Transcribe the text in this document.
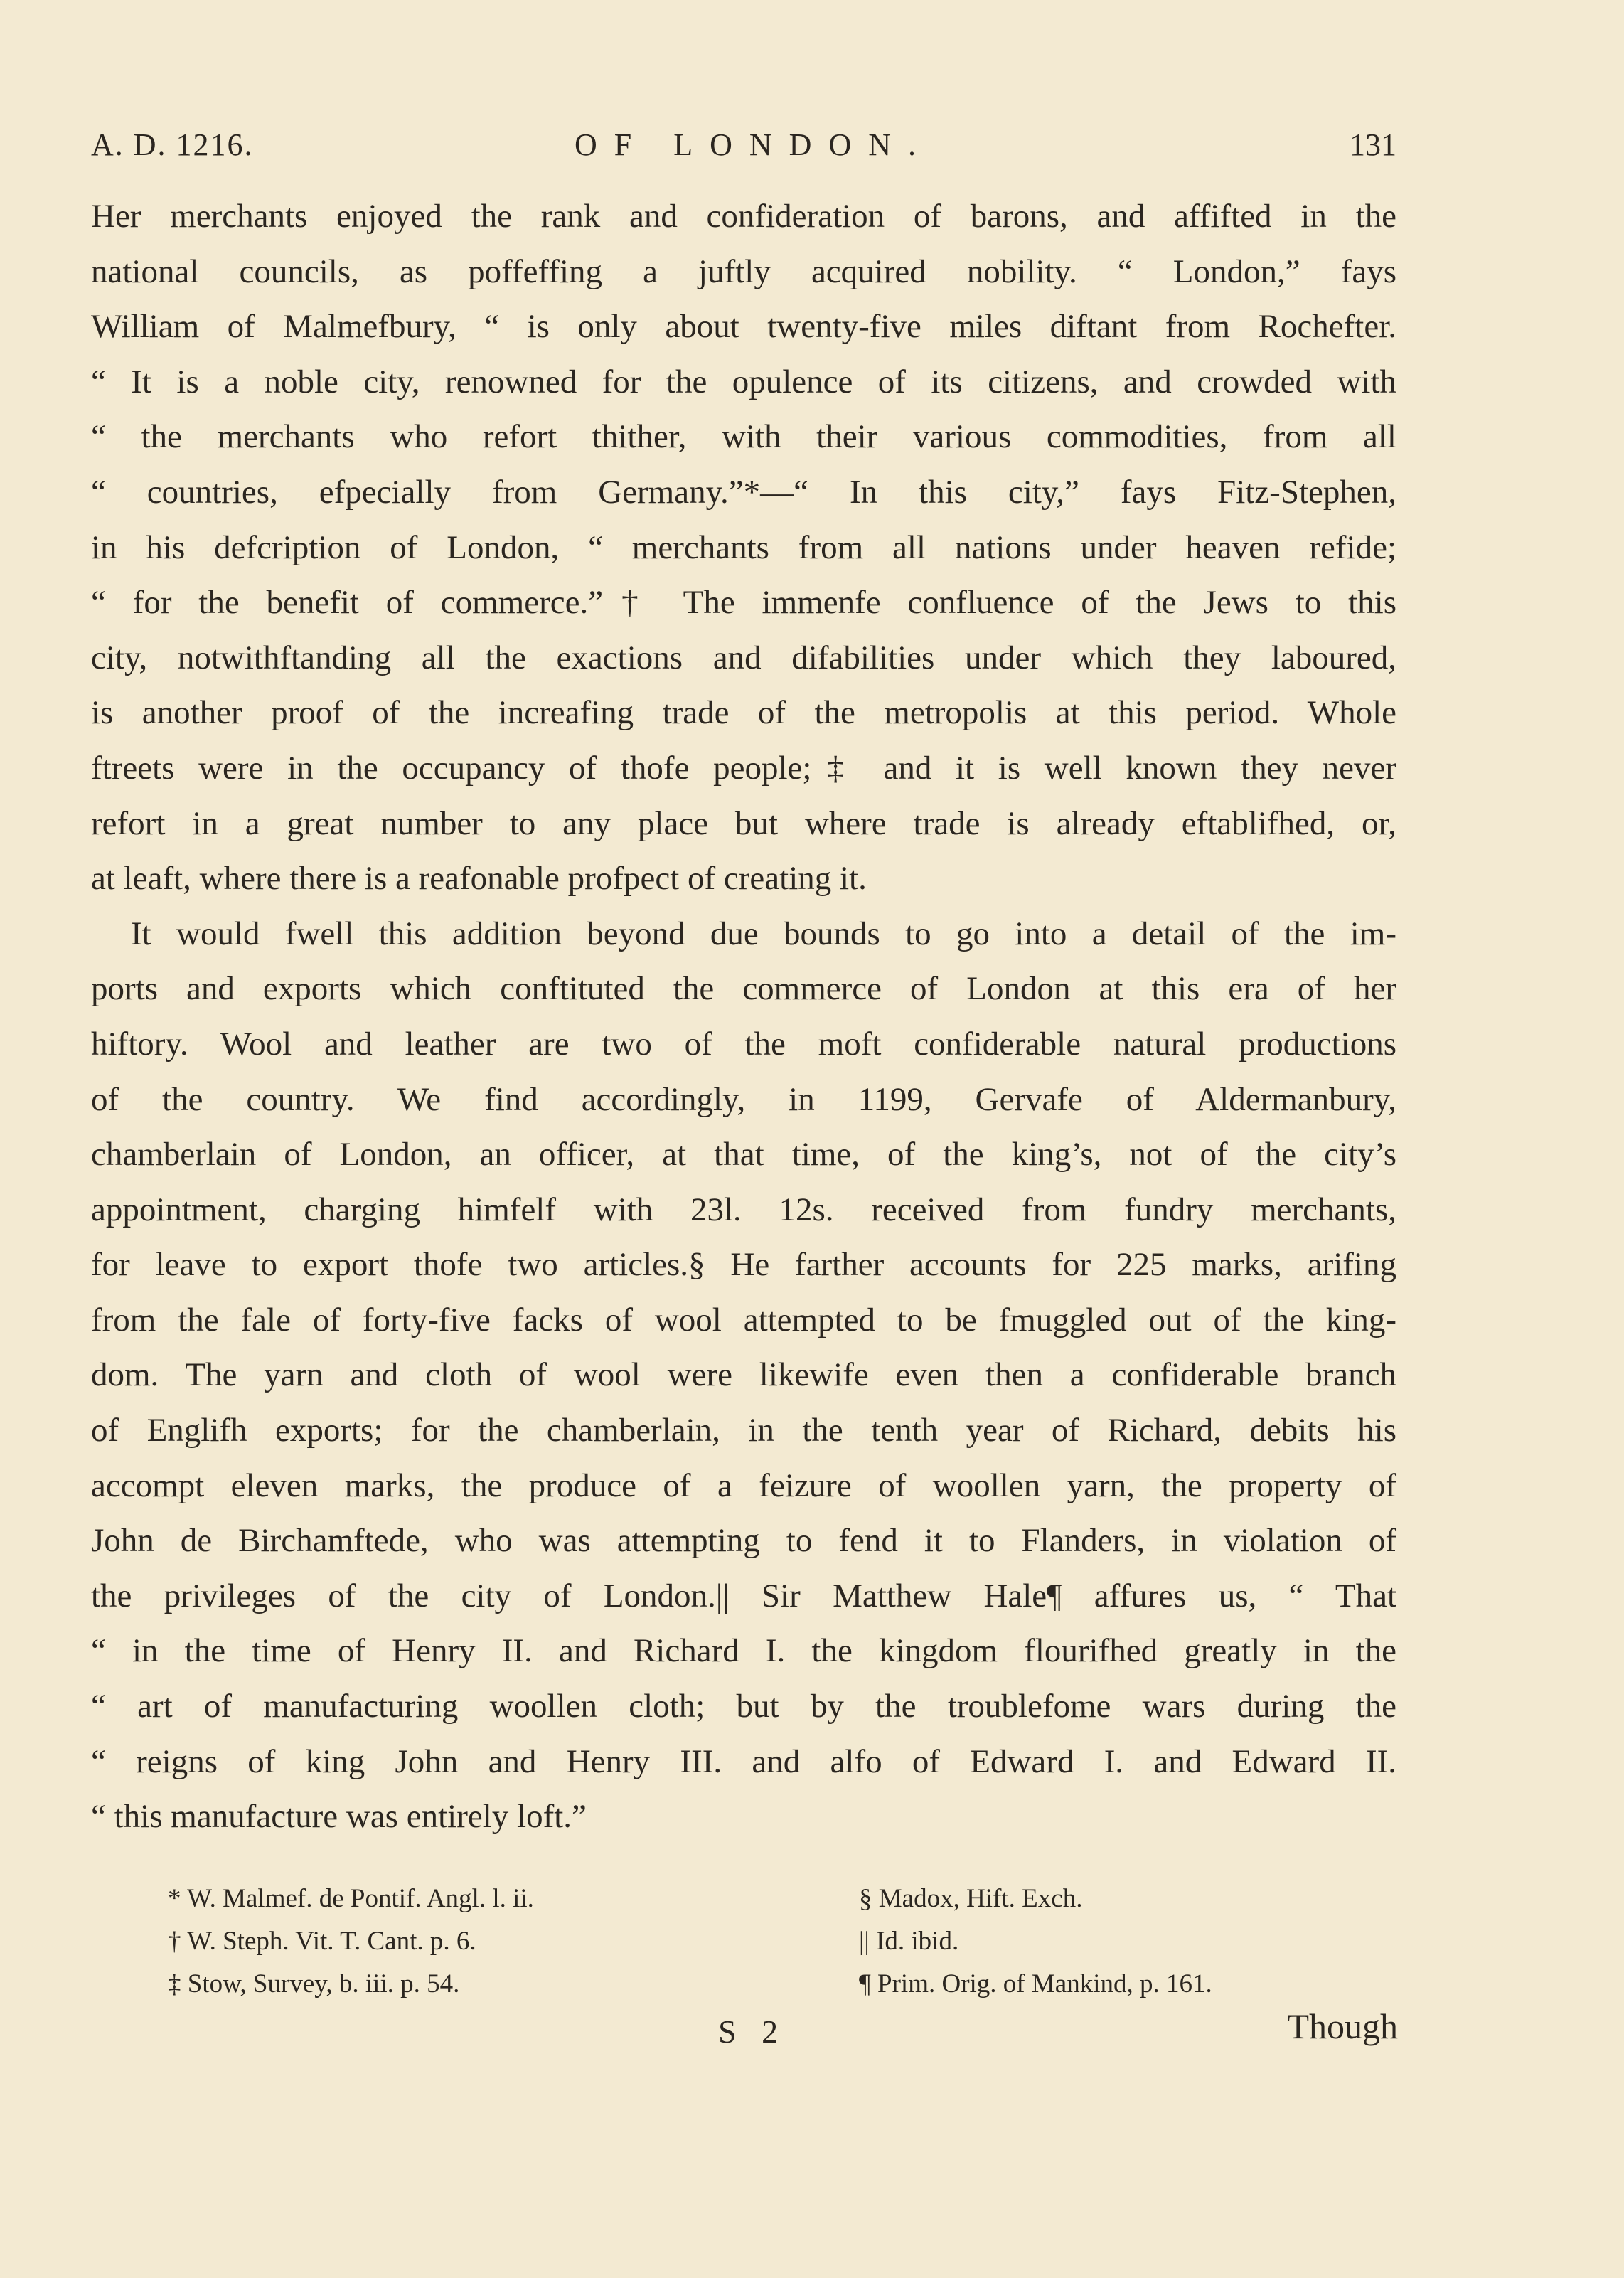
A. D. 1216.	OF LONDON.	131
Her merchants enjoyed the rank and confideration of barons, and affifted in the
national councils, as poffeffing a juftly acquired nobility. “ London,” fays
William of Malmefbury, “ is only about twenty-five miles diftant from Rochefter.
“ It is a noble city, renowned for the opulence of its citizens, and crowded with
“ the merchants who refort thither, with their various commodities, from all
“ countries, efpecially from Germany.”*—“ In this city,” fays Fitz-Stephen,
in his defcription of London, “ merchants from all nations under heaven refide;
“ for the benefit of commerce.”† The immenfe confluence of the Jews to this
city, notwithftanding all the exactions and difabilities under which they laboured,
is another proof of the increafing trade of the metropolis at this period. Whole
ftreets were in the occupancy of thofe people;‡ and it is well known they never
refort in a great number to any place but where trade is already eftablifhed, or,
at leaft, where there is a reafonable profpect of creating it.
It would fwell this addition beyond due bounds to go into a detail of the im-
ports and exports which conftituted the commerce of London at this era of her
hiftory. Wool and leather are two of the moft confiderable natural productions
of the country. We find accordingly, in 1199, Gervafe of Aldermanbury,
chamberlain of London, an officer, at that time, of the king’s, not of the city’s
appointment, charging himfelf with 23l. 12s. received from fundry merchants,
for leave to export thofe two articles.§ He farther accounts for 225 marks, arifing
from the fale of forty-five facks of wool attempted to be fmuggled out of the king-
dom. The yarn and cloth of wool were likewife even then a confiderable branch
of Englifh exports; for the chamberlain, in the tenth year of Richard, debits his
accompt eleven marks, the produce of a feizure of woollen yarn, the property of
John de Birchamftede, who was attempting to fend it to Flanders, in violation of
the privileges of the city of London.|| Sir Matthew Hale¶ affures us, “ That
“ in the time of Henry II. and Richard I. the kingdom flourifhed greatly in the
“ art of manufacturing woollen cloth; but by the troublefome wars during the
“ reigns of king John and Henry III. and alfo of Edward I. and Edward II.
“ this manufacture was entirely loft.”
* W. Malmef. de Pontif. Angl. l. ii.
† W. Steph. Vit. T. Cant. p. 6.
‡ Stow, Survey, b. iii. p. 54.
§ Madox, Hift. Exch.
|| Id. ibid.
¶ Prim. Orig. of Mankind, p. 161.
S 2	Though
